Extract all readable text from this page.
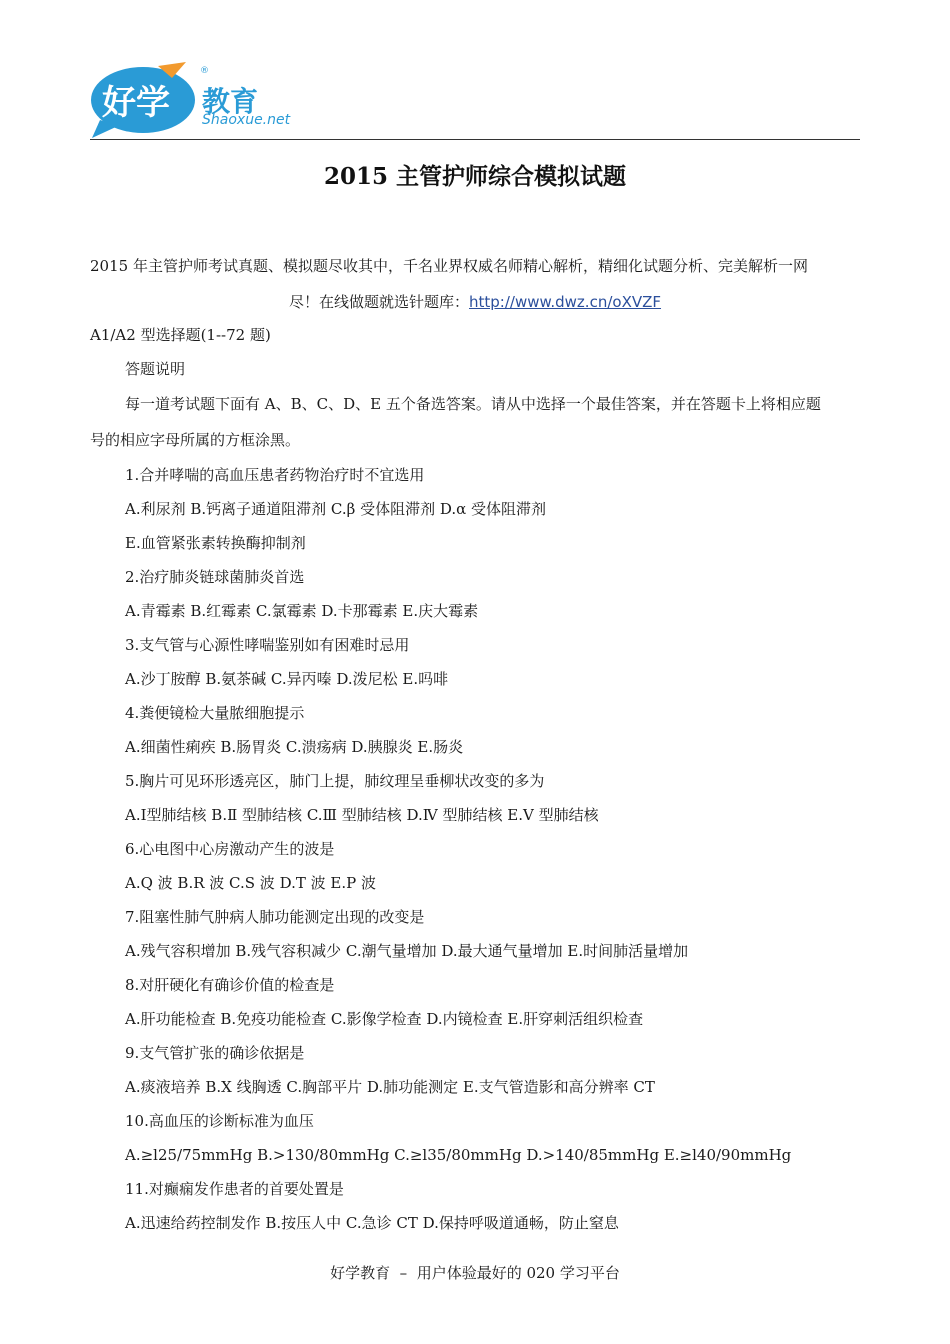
好学
®
Shaoxue.net
教育
2015 主管护师综合模拟试题
2015 年主管护师考试真题、模拟题尽收其中，千名业界权威名师精心解析，精细化试题分析、完美解析一网
尽！在线做题就选针题库：http://www.dwz.cn/oXVZF
A1/A2 型选择题(1--72 题)
答题说明
每一道考试题下面有 A、B、C、D、E 五个备选答案。请从中选择一个最佳答案，并在答题卡上将相应题
号的相应字母所属的方框涂黑。
1.合并哮喘的高血压患者药物治疗时不宜选用
A.利尿剂 B.钙离子通道阻滞剂 C.β 受体阻滞剂 D.α 受体阻滞剂
E.血管紧张素转换酶抑制剂
2.治疗肺炎链球菌肺炎首选
A.青霉素 B.红霉素 C.氯霉素 D.卡那霉素 E.庆大霉素
3.支气管与心源性哮喘鉴别如有困难时忌用
A.沙丁胺醇 B.氨茶碱 C.异丙嗪 D.泼尼松 E.吗啡
4.粪便镜检大量脓细胞提示
A.细菌性痢疾 B.肠胃炎 C.溃疡病 D.胰腺炎 E.肠炎
5.胸片可见环形透亮区，肺门上提，肺纹理呈垂柳状改变的多为
A.Ⅰ型肺结核 B.Ⅱ 型肺结核 C.Ⅲ 型肺结核 D.Ⅳ 型肺结核 E.Ⅴ 型肺结核
6.心电图中心房激动产生的波是
A.Q 波 B.R 波 C.S 波 D.T 波 E.P 波
7.阻塞性肺气肿病人肺功能测定出现的改变是
A.残气容积增加 B.残气容积减少 C.潮气量增加 D.最大通气量增加 E.时间肺活量增加
8.对肝硬化有确诊价值的检查是
A.肝功能检查 B.免疫功能检查 C.影像学检查 D.内镜检查 E.肝穿刺活组织检查
9.支气管扩张的确诊依据是
A.痰液培养 B.X 线胸透 C.胸部平片 D.肺功能测定 E.支气管造影和高分辨率 CT
10.高血压的诊断标准为血压
A.≥l25/75mmHg B.>130/80mmHg C.≥l35/80mmHg D.>140/85mmHg E.≥l40/90mmHg
11.对癫痫发作患者的首要处置是
A.迅速给药控制发作 B.按压人中 C.急诊 CT D.保持呼吸道通畅，防止窒息
好学教育  –  用户体验最好的 020 学习平台
